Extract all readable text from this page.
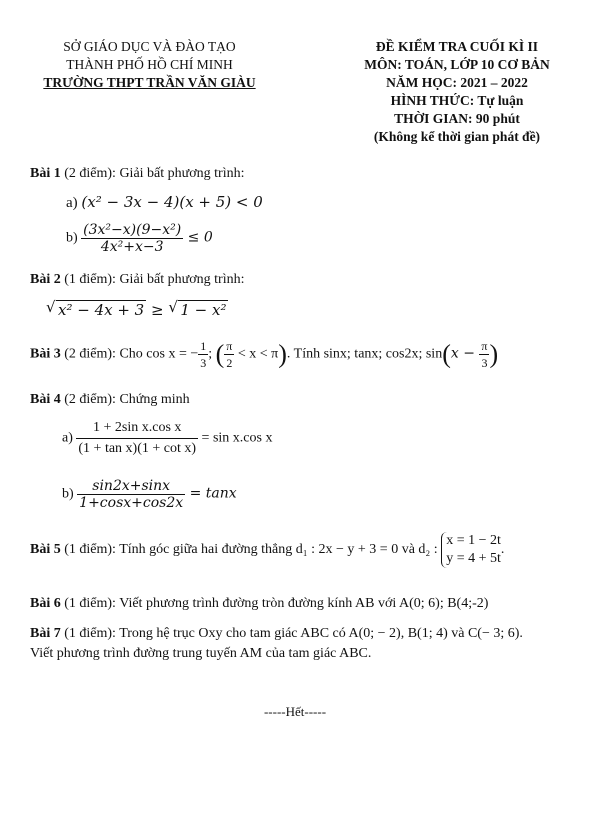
SỞ GIÁO DỤC VÀ ĐÀO TẠO
THÀNH PHỐ HỒ CHÍ MINH
TRƯỜNG THPT TRẦN VĂN GIÀU
ĐỀ KIỂM TRA CUỐI KÌ II
MÔN: TOÁN, LỚP 10 CƠ BẢN
NĂM HỌC: 2021 – 2022
HÌNH THỨC: Tự luận
THỜI GIAN: 90 phút
(Không kể thời gian phát đề)
Bài 1 (2 điểm): Giải bất phương trình:
a) (x² − 3x − 4)(x + 5) < 0
$b) \frac{\text{(3x²−x)(9−x²)}}{\text{4x²+x−3}} \le 0$
Bài 2 (1 điểm): Giải bất phương trình:
√ x² − 4x + 3 ≥ √ 1 − x²
Bài 3 (2 điểm): Cho cos x = − $\frac{1}{3}$ ; ( $\frac{\pi}{2} < x < \pi$). Tính sinx; tanx; cos2x; $\sin(x - \frac{\pi}{3}$ )
Bài 4 (2 điểm): Chứng minh
$a) \frac{\text{1 + 2sin x.cos x}}{\text{(1 + tan x)(1 + cot x)}} = \sin x.\cos$ x
$b) \frac{\sin 2x+\sin x}{1+\cos x+\cos 2x} = \tan x$
Bài 5 (1 điểm): Tính góc giữa hai đường thẳng d₁ : 2x − y + 3 = 0 và d₂ :
x = 1 − 2t
y = 4 + 5t
.
Bài 6 (1 điểm): Viết phương trình đường tròn đường kính AB với A(0; 6); B(4;-2)
Bài 7 (1 điểm): Trong hệ trục Oxy cho tam giác ABC có A(0; − 2), B(1; 4) và C(− 3; 6).
Viết phương trình đường trung tuyến AM của tam giác ABC.
-----Hết-----
